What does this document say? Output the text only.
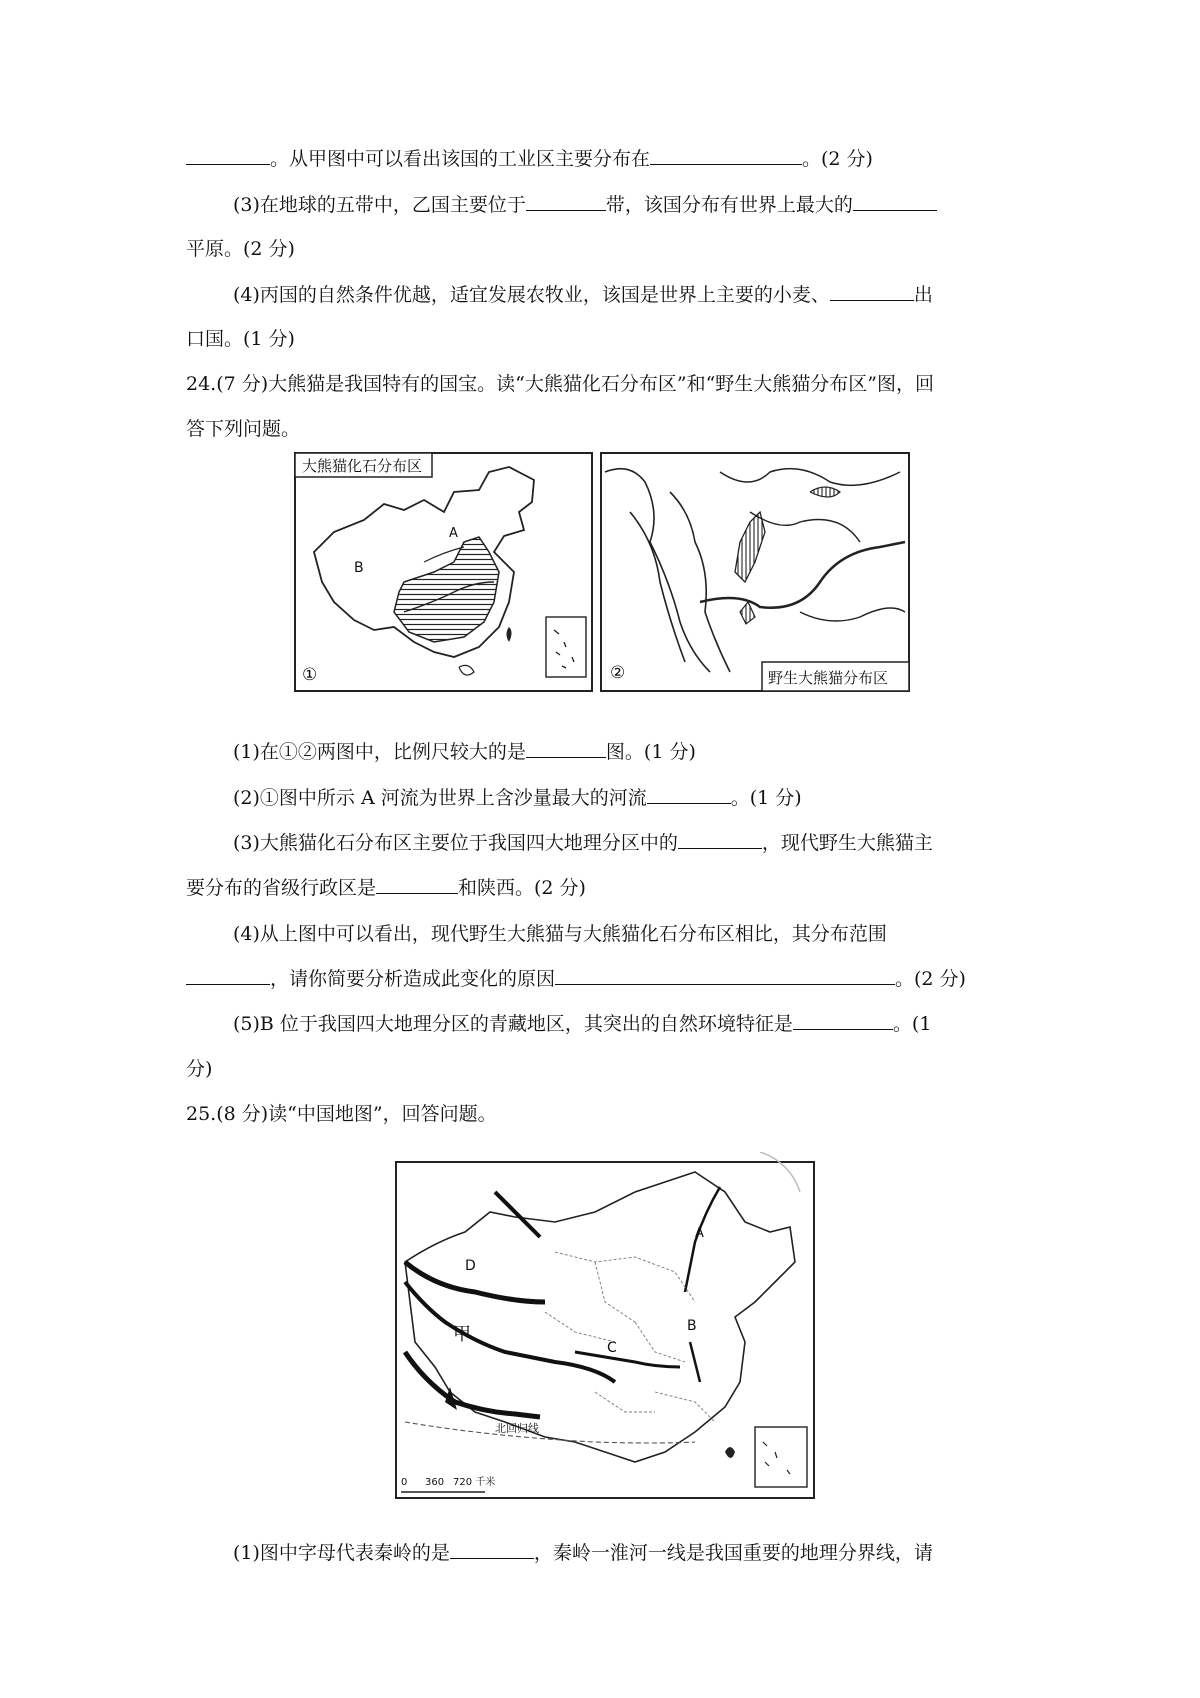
。从甲图中可以看出该国的工业区主要分布在	。(2 分)
(3)在地球的五带中，乙国主要位于	带，该国分布有世界上最大的
平原。(2 分)
(4)丙国的自然条件优越，适宜发展农牧业，该国是世界上主要的小麦、	出
口国。(1 分)
24.(7 分)大熊猫是我国特有的国宝。读“大熊猫化石分布区”和“野生大熊猫分布区”图，回
答下列问题。
大熊猫化石分布区
A
B
①	野生大熊猫分布区
②
(1)在①②两图中，比例尺较大的是	图。(1 分)
(2)①图中所示 A 河流为世界上含沙量最大的河流	。(1 分)
(3)大熊猫化石分布区主要位于我国四大地理分区中的	，现代野生大熊猫主
要分布的省级行政区是	和陕西。(2 分)
(4)从上图中可以看出，现代野生大熊猫与大熊猫化石分布区相比，其分布范围
，请你简要分析造成此变化的原因	。(2 分)
(5)B 位于我国四大地理分区的青藏地区，其突出的自然环境特征是	。(1
分)
25.(8 分)读“中国地图”，回答问题。
A
B
C
D
甲
北回归线
0 360 720 千米
(1)图中字母代表秦岭的是	，秦岭一淮河一线是我国重要的地理分界线，请
